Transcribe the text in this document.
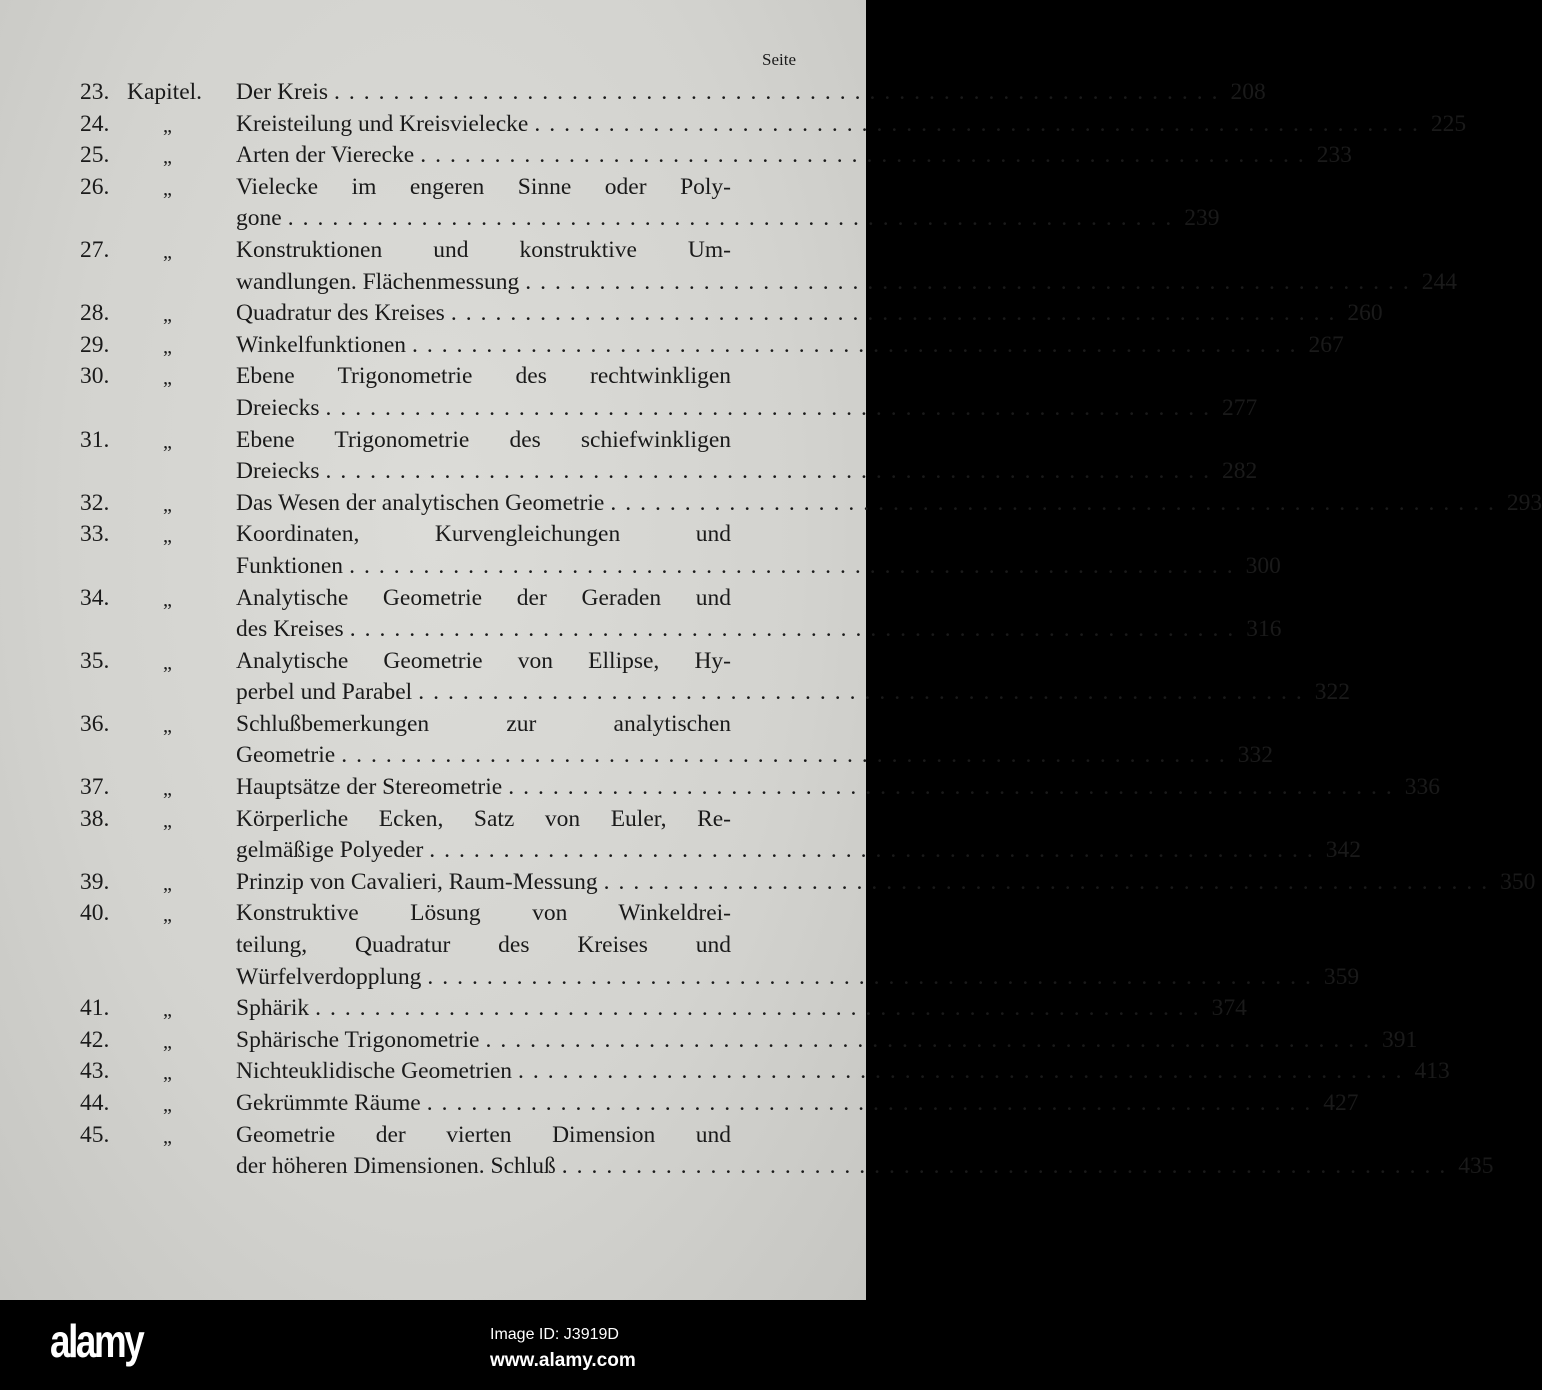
Seite
23. Kapitel. Der Kreis ............................................................ 208
24.	„	Kreisteilung und Kreisvielecke ............................................................ 225
25.	„	Arten der Vierecke ............................................................ 233
26.	„	Vielecke im engeren Sinne oder Poly-
gone ............................................................ 239
27.	„	Konstruktionen und konstruktive Um-
wandlungen. Flächenmessung ............................................................ 244
28.	„	Quadratur des Kreises ............................................................ 260
29.	„	Winkelfunktionen ............................................................ 267
30.	„	Ebene Trigonometrie des rechtwinkligen
Dreiecks ............................................................ 277
31.	„	Ebene Trigonometrie des schiefwinkligen
Dreiecks ............................................................ 282
32.	„	Das Wesen der analytischen Geometrie ............................................................ 293
33.	„	Koordinaten, Kurvengleichungen und
Funktionen ............................................................ 300
34.	„	Analytische Geometrie der Geraden und
des Kreises ............................................................ 316
35.	„	Analytische Geometrie von Ellipse, Hy-
perbel und Parabel ............................................................ 322
36.	„	Schlußbemerkungen zur analytischen
Geometrie ............................................................ 332
37.	„	Hauptsätze der Stereometrie ............................................................ 336
38.	„	Körperliche Ecken, Satz von Euler, Re-
gelmäßige Polyeder ............................................................ 342
39.	„	Prinzip von Cavalieri, Raum-Messung ............................................................ 350
40.	„	Konstruktive Lösung von Winkeldrei-
teilung, Quadratur des Kreises und
Würfelverdopplung ............................................................ 359
41.	„	Sphärik ............................................................ 374
42.	„	Sphärische Trigonometrie ............................................................ 391
43.	„	Nichteuklidische Geometrien ............................................................ 413
44.	„	Gekrümmte Räume ............................................................ 427
45.	„	Geometrie der vierten Dimension und
der höheren Dimensionen. Schluß ............................................................ 435
alamy	Image ID: J3919D
www.alamy.com
